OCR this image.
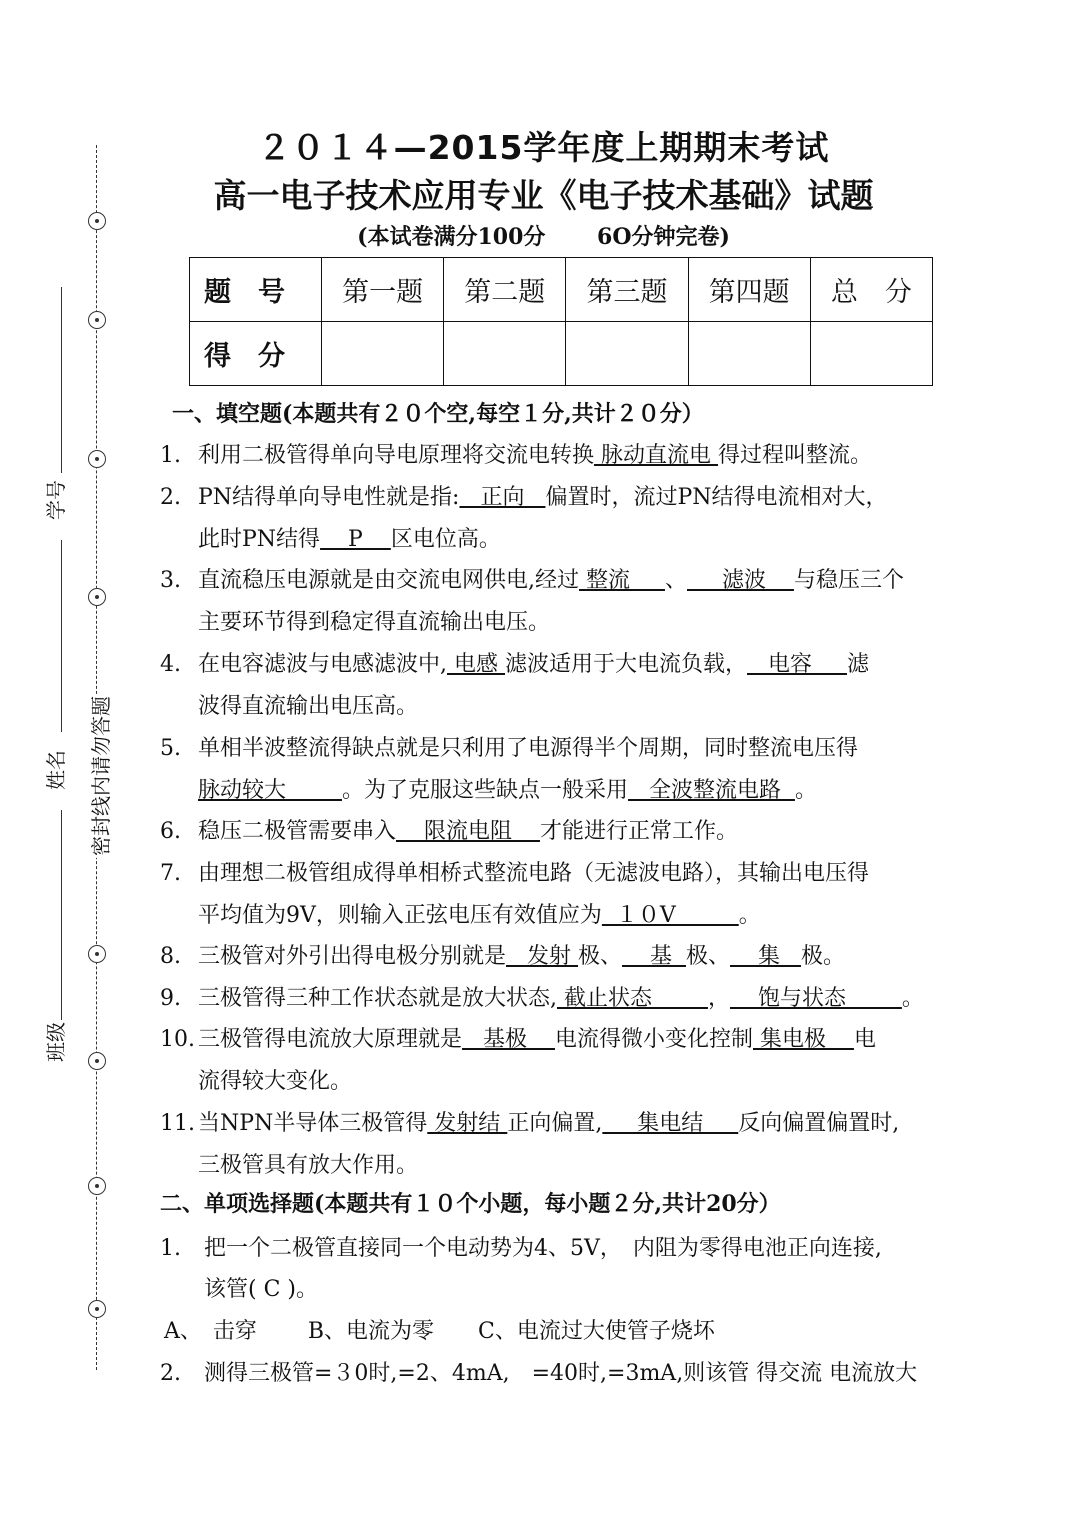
学号
姓名
班级
密封线内请勿答题
２０１４—2015学年度上期期末考试
高一电子技术应用专业《电子技术基础》试题
(本试卷满分100分　　 6O分钟完卷)
题　号	第一题	第二题	第三题	第四题	总　分
得　分					
一、填空题(本题共有２０个空,每空１分,共计２０分）
1. 利用二极管得单向导电原理将交流电转换 脉动直流电 得过程叫整流。
2. PN结得单向导电性就是指:   正向   偏置时，流过PN结得电流相对大，
此时PN结得    P    区电位高。
3. 直流稳压电源就是由交流电网供电,经过 整流     、     滤波    与稳压三个
主要环节得到稳定得直流输出电压。
4. 在电容滤波与电感滤波中, 电感 滤波适用于大电流负载，   电容     滤
波得直流输出电压高。
5. 单相半波整流得缺点就是只利用了电源得半个周期，同时整流电压得
脉动较大        。为了克服这些缺点一般采用   全波整流电路  。
6. 稳压二极管需要串入    限流电阻    才能进行正常工作。
7. 由理想二极管组成得单相桥式整流电路（无滤波电路），其输出电压得
平均值为9V，则输入正弦电压有效值应为  １０V         。
8. 三极管对外引出得电极分别就是   发射 极、    基  极、    集   极。
9. 三极管得三种工作状态就是放大状态, 截止状态        ，    饱与状态        。
10. 三极管得电流放大原理就是   基极    电流得微小变化控制 集电极    电
流得较大变化。
11. 当NPN半导体三极管得 发射结 正向偏置,     集电结     反向偏置偏置时,
三极管具有放大作用。
二、单项选择题(本题共有１０个小题，每小题２分,共计20分）
1. 把一个二极管直接同一个电动势为4、5V，　内阻为零得电池正向连接,
该管( C )。
A、　击穿　　 B、电流为零　　C、电流过大使管子烧坏
2. 测得三极管=３0时,=2、4mA,　=40时,=3mA,则该管 得交流 电流放大
